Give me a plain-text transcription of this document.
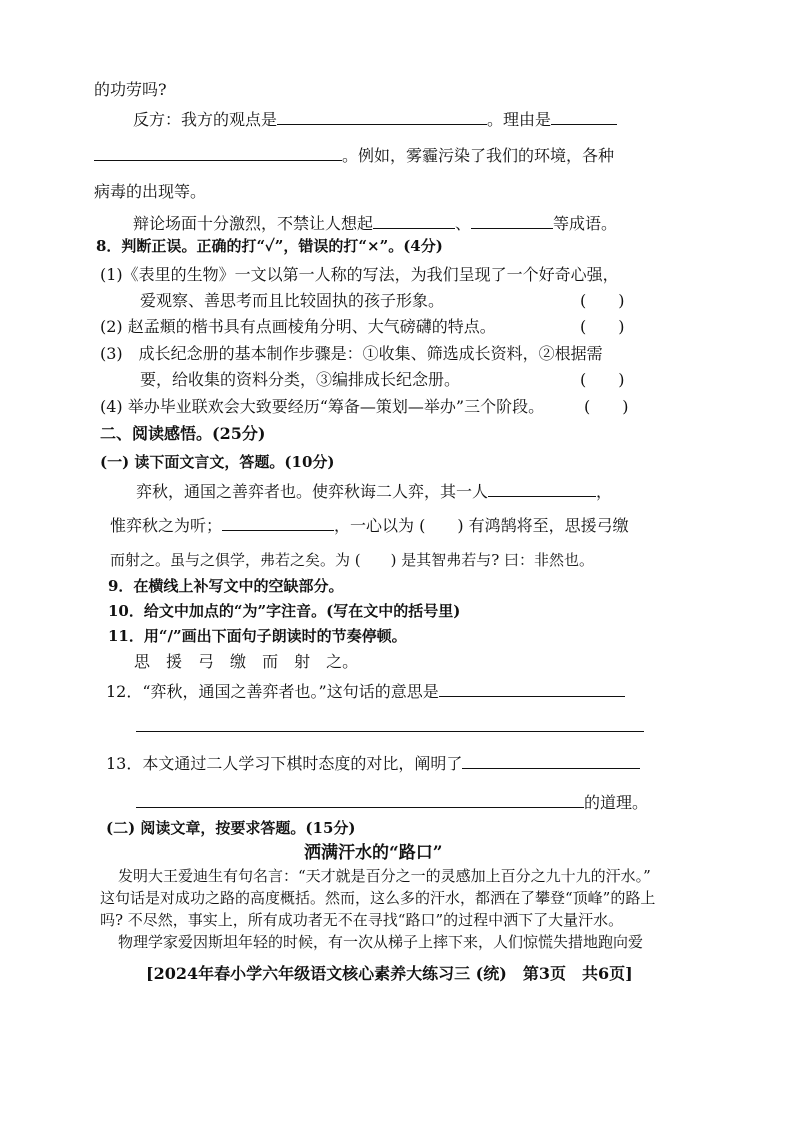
的功劳吗?
反方：我方的观点是	。理由是
。例如，雾霾污染了我们的环境，各种
病毒的出现等。
辩论场面十分激烈，不禁让人想起	、	等成语。
8．判断正误。正确的打“✓”，错误的打“×”。(4分)
(1)《表里的生物》一文以第一人称的写法，为我们呈现了一个好奇心强，
爱观察、善思考而且比较固执的孩子形象。	(　　)
(2) 赵孟頫的楷书具有点画棱角分明、大气磅礴的特点。	(　　)
(3)　成长纪念册的基本制作步骤是：①收集、筛选成长资料，②根据需
要，给收集的资料分类，③编排成长纪念册。	(　　)
(4) 举办毕业联欢会大致要经历“筹备—策划—举办”三个阶段。 (　　)
二、阅读感悟。(25分)
(一) 读下面文言文，答题。(10分)
弈秋，通国之善弈者也。使弈秋诲二人弈，其一人	，
惟弈秋之为听；	，一心以为 (　　) 有鸿鹄将至，思援弓缴
而射之。虽与之俱学，弗若之矣。为 (　　) 是其智弗若与? 曰：非然也。
9．在横线上补写文中的空缺部分。
10．给文中加点的“为”字注音。(写在文中的括号里)
11．用“/”画出下面句子朗读时的节奏停顿。
思 援 弓 缴 而 射 之。
12．“弈秋，通国之善弈者也。”这句话的意思是
13．本文通过二人学习下棋时态度的对比，阐明了
的道理。
(二) 阅读文章，按要求答题。(15分)
洒满汗水的“路口”
发明大王爱迪生有句名言：“天才就是百分之一的灵感加上百分之九十九的汗水。”
这句话是对成功之路的高度概括。然而，这么多的汗水，都洒在了攀登“顶峰”的路上
吗? 不尽然，事实上，所有成功者无不在寻找“路口”的过程中洒下了大量汗水。
物理学家爱因斯坦年轻的时候，有一次从梯子上摔下来，人们惊慌失措地跑向爱
[2024年春小学六年级语文核心素养大练习三 (统)　第3页　共6页]
